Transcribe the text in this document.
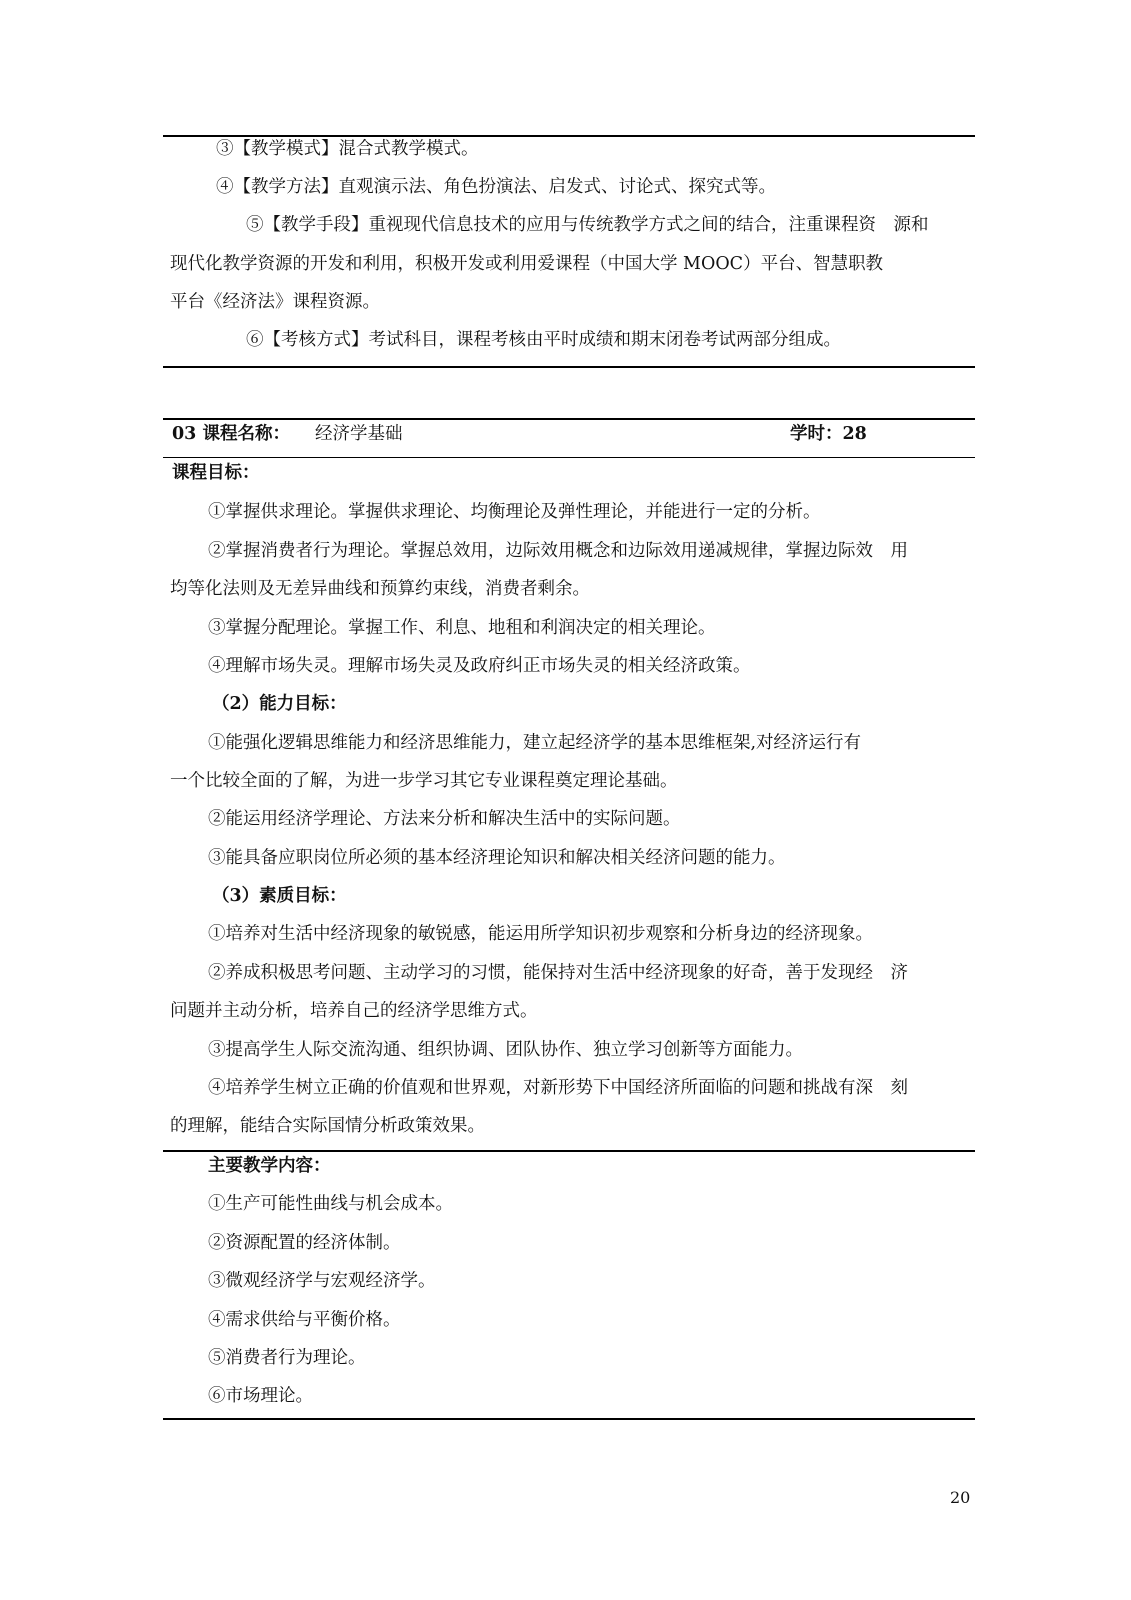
③【教学模式】混合式教学模式。
④【教学方法】直观演示法、角色扮演法、启发式、讨论式、探究式等。
⑤【教学手段】重视现代信息技术的应用与传统教学方式之间的结合，注重课程资　源和
现代化教学资源的开发和利用，积极开发或利用爱课程（中国大学 MOOC）平台、智慧职教
平台《经济法》课程资源。
⑥【考核方式】考试科目，课程考核由平时成绩和期末闭卷考试两部分组成。
03 课程名称： 经济学基础	学时：28
课程目标：
①掌握供求理论。掌握供求理论、均衡理论及弹性理论，并能进行一定的分析。
②掌握消费者行为理论。掌握总效用，边际效用概念和边际效用递减规律，掌握边际效　用
均等化法则及无差异曲线和预算约束线，消费者剩余。
③掌握分配理论。掌握工作、利息、地租和利润决定的相关理论。
④理解市场失灵。理解市场失灵及政府纠正市场失灵的相关经济政策。
（2）能力目标：
①能强化逻辑思维能力和经济思维能力，建立起经济学的基本思维框架,对经济运行有
一个比较全面的了解，为进一步学习其它专业课程奠定理论基础。
②能运用经济学理论、方法来分析和解决生活中的实际问题。
③能具备应职岗位所必须的基本经济理论知识和解决相关经济问题的能力。
（3）素质目标：
①培养对生活中经济现象的敏锐感，能运用所学知识初步观察和分析身边的经济现象。
②养成积极思考问题、主动学习的习惯，能保持对生活中经济现象的好奇，善于发现经　济
问题并主动分析，培养自己的经济学思维方式。
③提高学生人际交流沟通、组织协调、团队协作、独立学习创新等方面能力。
④培养学生树立正确的价值观和世界观，对新形势下中国经济所面临的问题和挑战有深　刻
的理解，能结合实际国情分析政策效果。
主要教学内容：
①生产可能性曲线与机会成本。
②资源配置的经济体制。
③微观经济学与宏观经济学。
④需求供给与平衡价格。
⑤消费者行为理论。
⑥市场理论。
20
